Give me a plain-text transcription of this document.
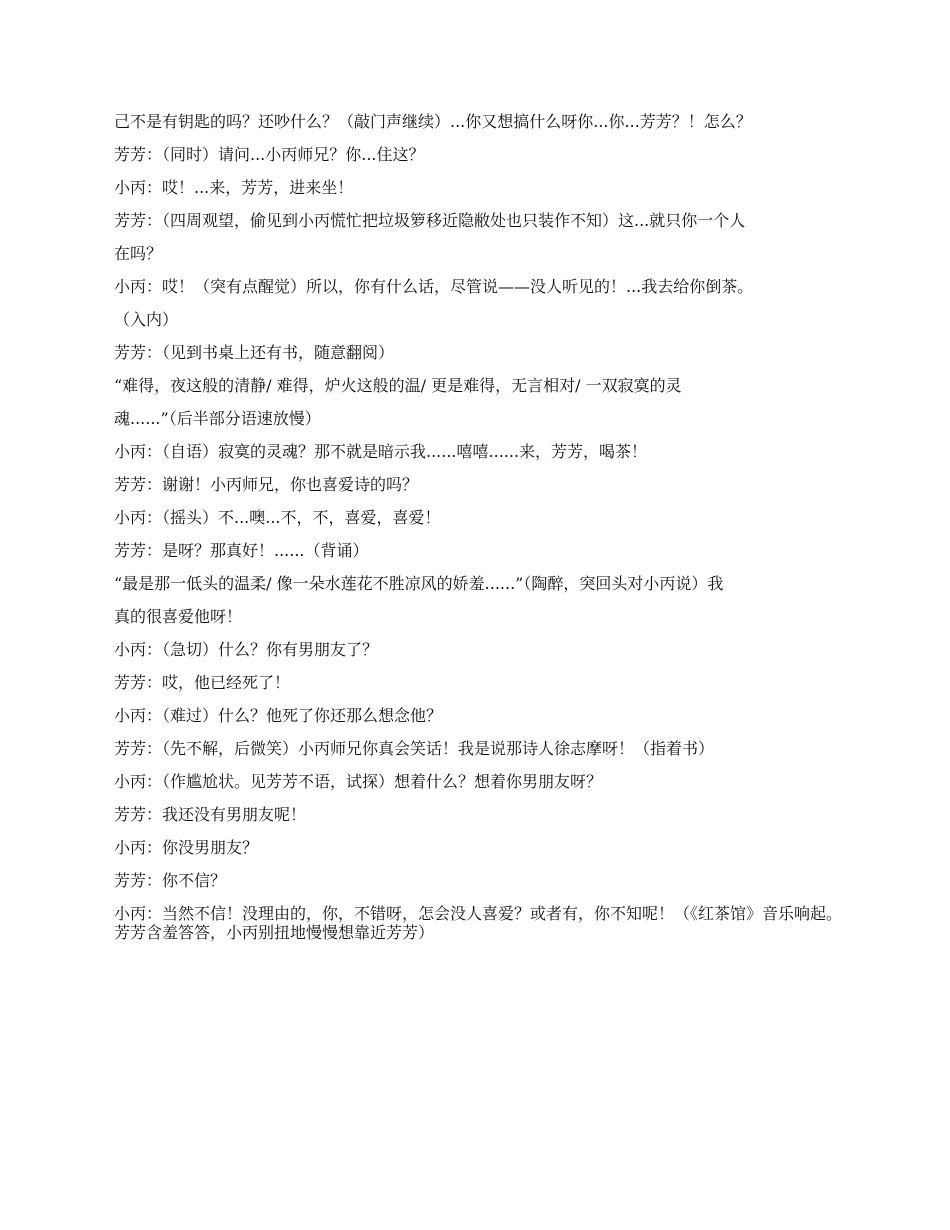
己不是有钥匙的吗？还吵什么？（敲门声继续）...你又想搞什么呀你...你...芳芳？！怎么？

芳芳：（同时）请问...小丙师兄？你...住这？

小丙：哎！...来，芳芳，进来坐！

芳芳：（四周观望，偷见到小丙慌忙把垃圾箩移近隐敝处也只装作不知）这...就只你一个人

在吗？

小丙：哎！（突有点醒觉）所以，你有什么话，尽管说——没人听见的！...我去给你倒茶。

（入内）

芳芳：（见到书桌上还有书，随意翻阅）

“难得，夜这般的清静/ 难得，炉火这般的温/ 更是难得，无言相对/ 一双寂寞的灵

魂......”（后半部分语速放慢）

小丙：（自语）寂寞的灵魂？那不就是暗示我......嘻嘻......来，芳芳，喝茶！

芳芳：谢谢！小丙师兄，你也喜爱诗的吗？

小丙：（摇头）不...噢...不，不，喜爱，喜爱！

芳芳：是呀？那真好！......（背诵）

“最是那一低头的温柔/ 像一朵水莲花不胜凉风的娇羞......”（陶醉，突回头对小丙说）我

真的很喜爱他呀！

小丙：（急切）什么？你有男朋友了？

芳芳：哎，他已经死了！

小丙：（难过）什么？他死了你还那么想念他？

芳芳：（先不解，后微笑）小丙师兄你真会笑话！我是说那诗人徐志摩呀！（指着书）

小丙：（作尴尬状。见芳芳不语，试探）想着什么？想着你男朋友呀？

芳芳：我还没有男朋友呢！

小丙：你没男朋友？

芳芳：你不信？

小丙：当然不信！没理由的，你，不错呀，怎会没人喜爱？或者有，你不知呢！（《红茶馆》音乐响起。芳芳含羞答答，小丙别扭地慢慢想靠近芳芳）
